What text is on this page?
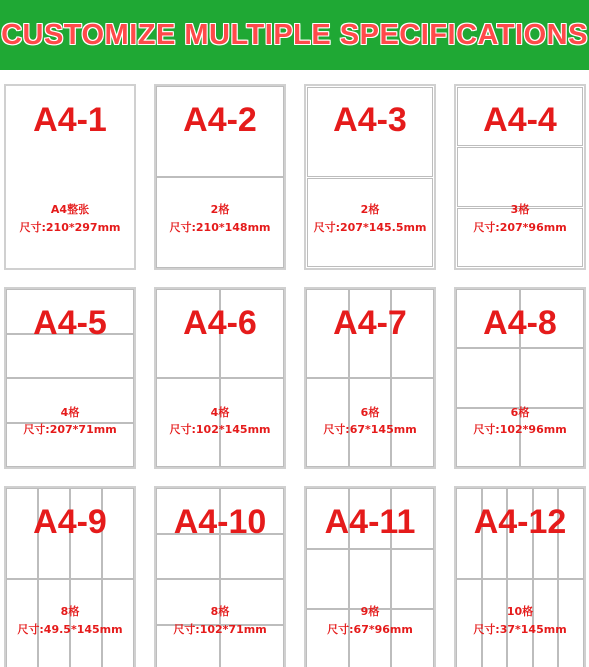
CUSTOMIZE MULTIPLE SPECIFICATIONS
A4-1
A4整张
尺寸:210*297mm
A4-2
2格
尺寸:210*148mm
A4-3
2格
尺寸:207*145.5mm
A4-4
3格
尺寸:207*96mm
A4-5
4格
尺寸:207*71mm
A4-6
4格
尺寸:102*145mm
A4-7
6格
尺寸:67*145mm
A4-8
6格
尺寸:102*96mm
A4-9
8格
尺寸:49.5*145mm
A4-10
8格
尺寸:102*71mm
A4-11
9格
尺寸:67*96mm
A4-12
10格
尺寸:37*145mm
